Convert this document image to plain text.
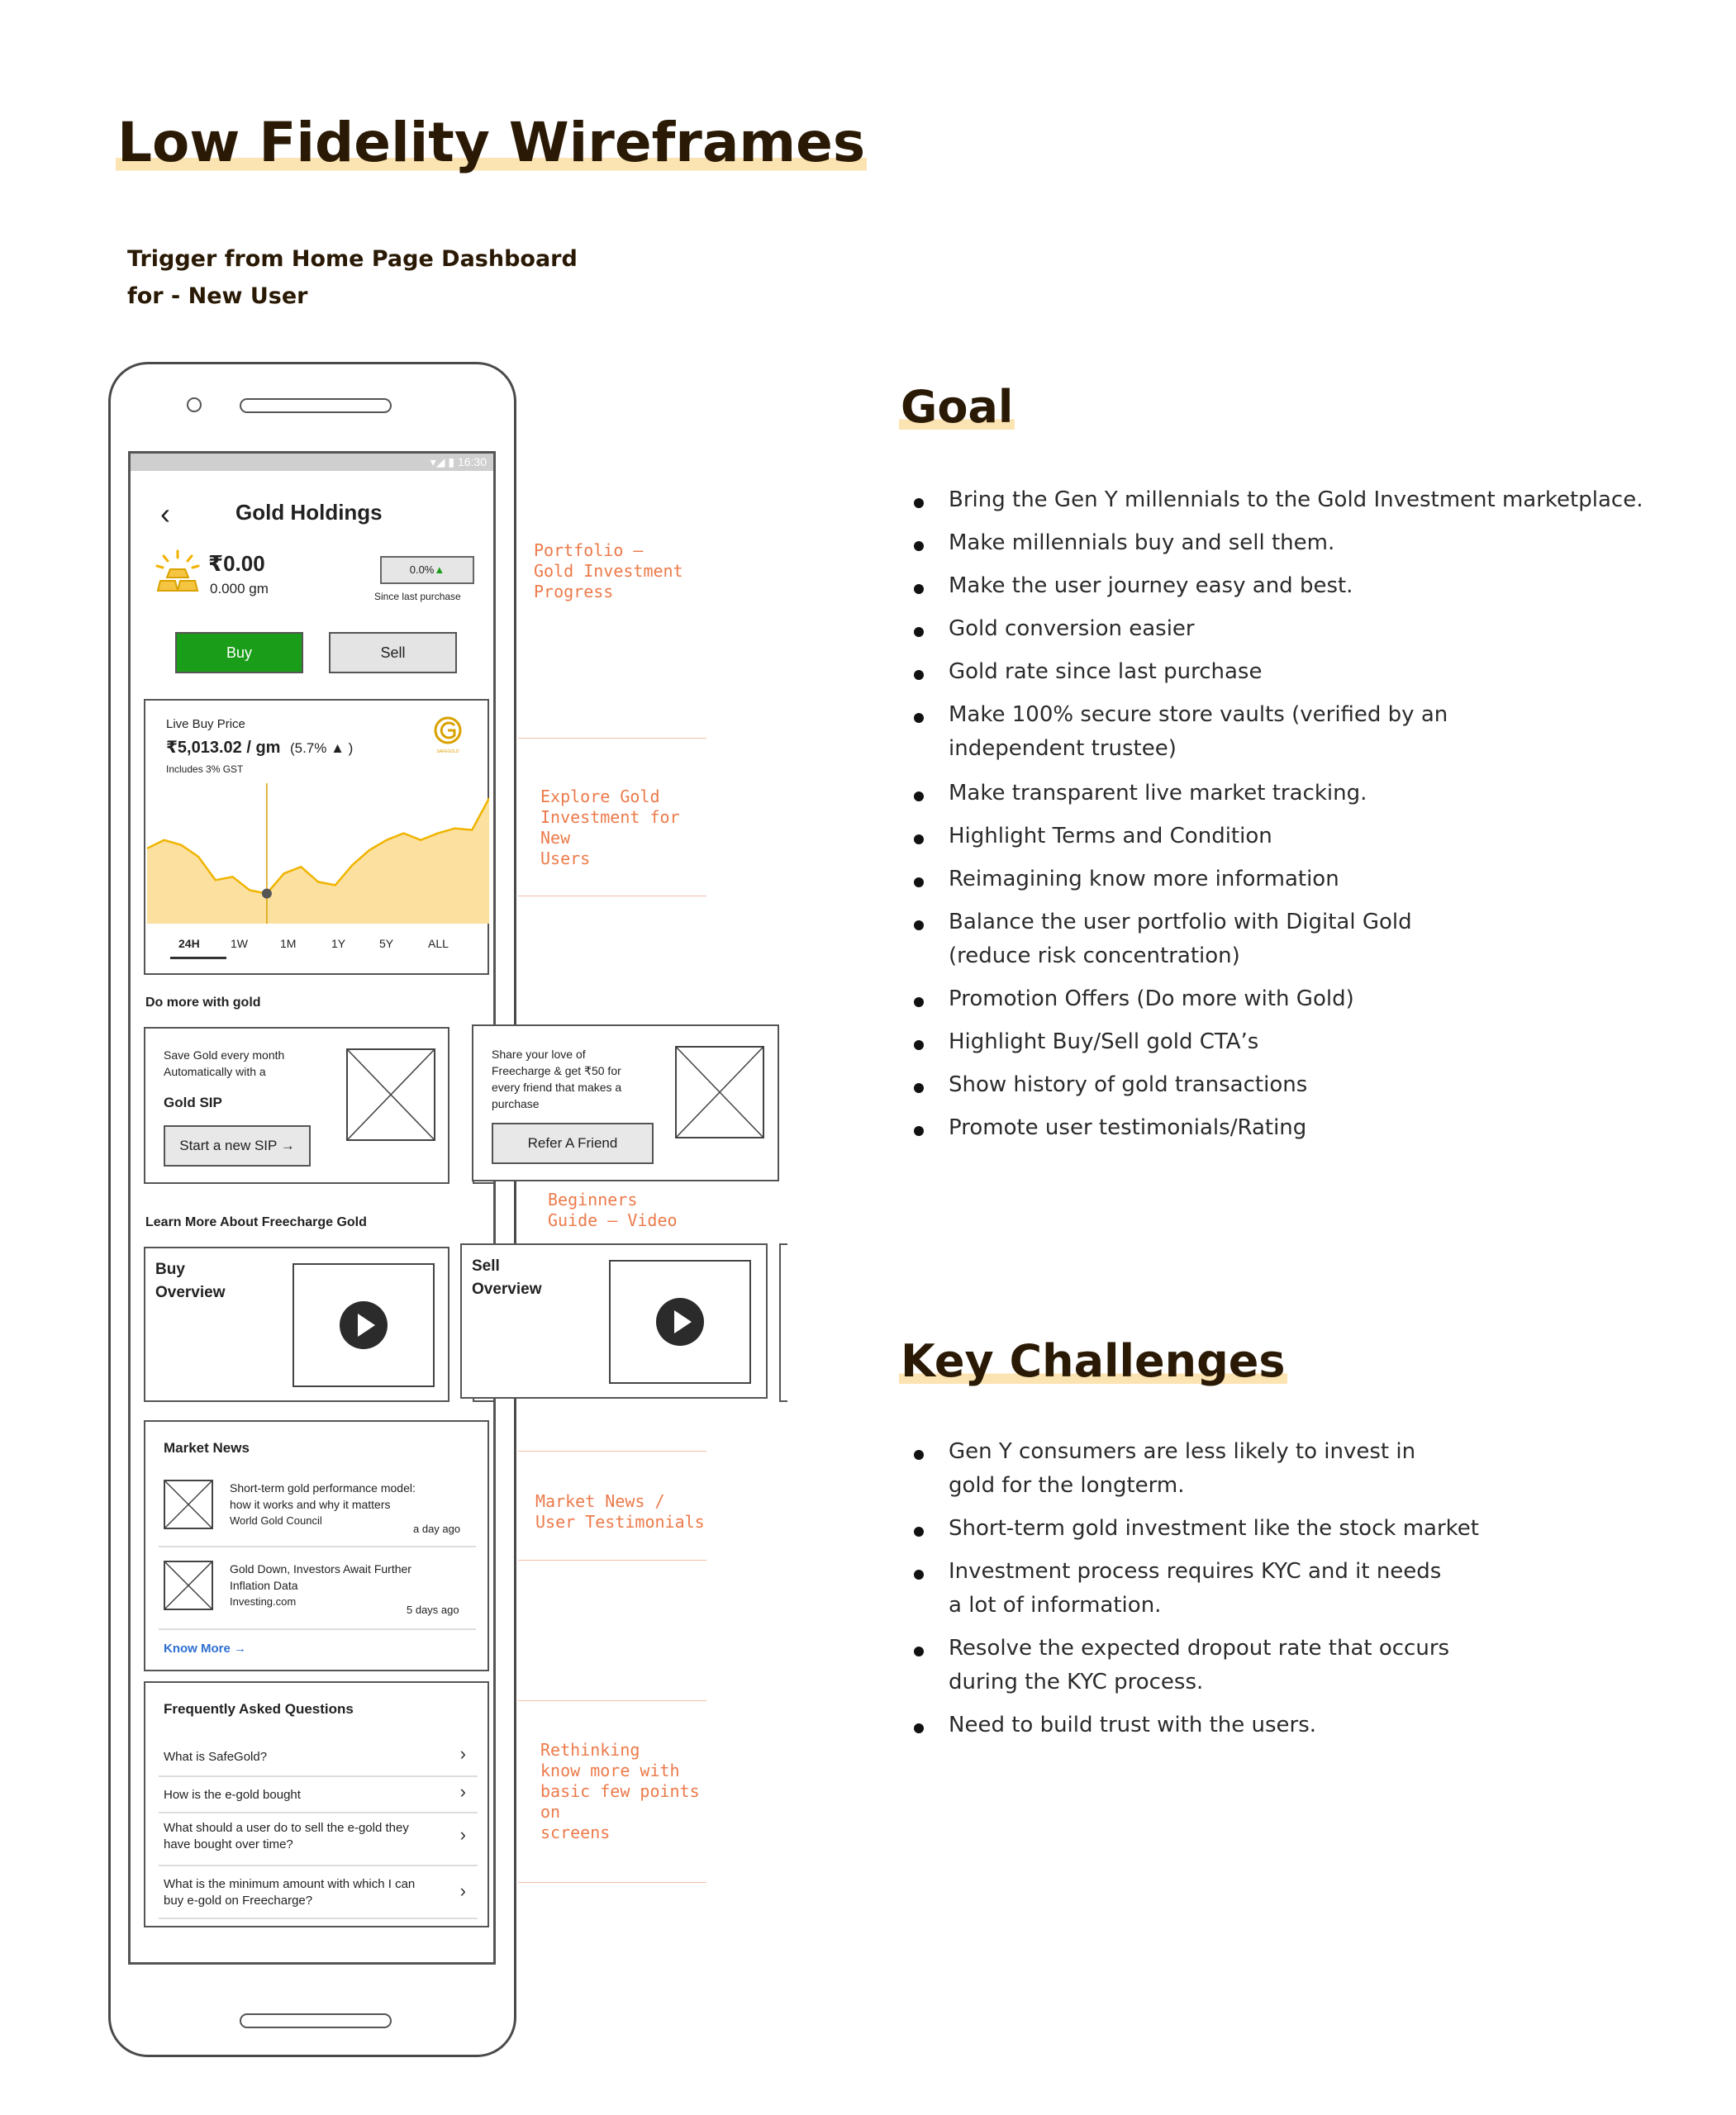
Low Fidelity Wireframes
Trigger from Home Page Dashboard
for - New User
▾◢ ▮ 16:30
‹	Gold Holdings
₹0.00
0.000 gm
0.0%▲
Since last purchase
Buy	Sell
Live Buy Price
₹5,013.02 / gm (5.7% ▲ )
Includes 3% GST
SAFEGOLD
24H	1W	1M	1Y	5Y	ALL
Do more with gold
Save Gold every month
Automatically with a
Gold SIP
Start a new SIP →
Learn More About Freecharge Gold
Buy
Overview
Market News
Short-term gold performance model:
how it works and why it matters
World Gold Council
a day ago
Gold Down, Investors Await Further
Inflation Data
Investing.com
5 days ago
Know More →
Frequently Asked Questions
What is SafeGold?	›
How is the e-gold bought	›
What should a user do to sell the e-gold they
have bought over time?	›
What is the minimum amount with which I can
buy e-gold on Freecharge?	›
Share your love of
Freecharge & get ₹50 for
every friend that makes a
purchase
Refer A Friend
Sell
Overview
Portfolio –
Gold Investment
Progress
Explore Gold
Investment for New
Users
Beginners
Guide – Video
Market News /
User Testimonials
Rethinking
know more with
basic few points on
screens
Goal
Bring the Gen Y millennials to the Gold Investment marketplace.
Make millennials buy and sell them.
Make the user journey easy and best.
Gold conversion easier
Gold rate since last purchase
Make 100% secure store vaults (verified by an
independent trustee)
Make transparent live market tracking.
Highlight Terms and Condition
Reimagining know more information
Balance the user portfolio with Digital Gold
(reduce risk concentration)
Promotion Offers (Do more with Gold)
Highlight Buy/Sell gold CTA’s
Show history of gold transactions
Promote user testimonials/Rating
Key Challenges
Gen Y consumers are less likely to invest in
gold for the longterm.
Short-term gold investment like the stock market
Investment process requires KYC and it needs
a lot of information.
Resolve the expected dropout rate that occurs
during the KYC process.
Need to build trust with the users.
